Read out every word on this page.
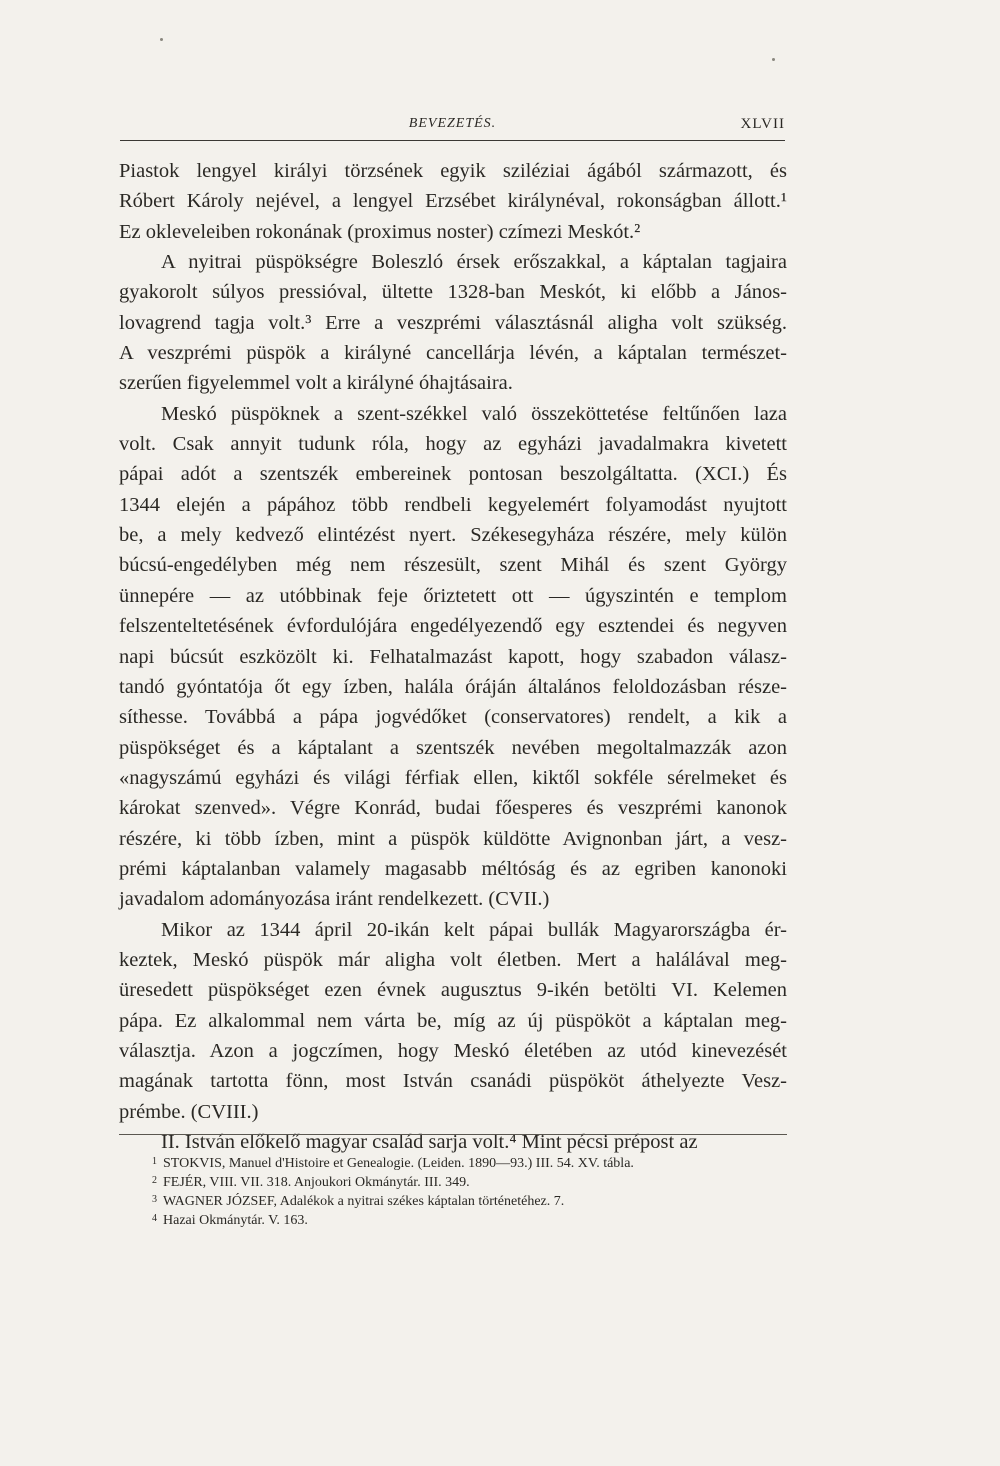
BEVEZETÉS.	XLVII
Piastok lengyel királyi törzsének egyik sziléziai ágából származott, és
Róbert Károly nejével, a lengyel Erzsébet királynéval, rokonságban állott.¹
Ez okleveleiben rokonának (proximus noster) czímezi Meskót.²
A nyitrai püspökségre Boleszló érsek erőszakkal, a káptalan tagjaira
gyakorolt súlyos pressióval, ültette 1328-ban Meskót, ki előbb a János-
lovagrend tagja volt.³ Erre a veszprémi választásnál aligha volt szükség.
A veszprémi püspök a királyné cancellárja lévén, a káptalan természet-
szerűen figyelemmel volt a királyné óhajtásaira.
Meskó püspöknek a szent-székkel való összeköttetése feltűnően laza
volt. Csak annyit tudunk róla, hogy az egyházi javadalmakra kivetett
pápai adót a szentszék embereinek pontosan beszolgáltatta. (XCI.) És
1344 elején a pápához több rendbeli kegyelemért folyamodást nyujtott
be, a mely kedvező elintézést nyert. Székesegyháza részére, mely külön
búcsú-engedélyben még nem részesült, szent Mihál és szent György
ünnepére — az utóbbinak feje őriztetett ott — úgyszintén e templom
felszenteltetésének évfordulójára engedélyezendő egy esztendei és negyven
napi búcsút eszközölt ki. Felhatalmazást kapott, hogy szabadon válasz-
tandó gyóntatója őt egy ízben, halála óráján általános feloldozásban része-
síthesse. Továbbá a pápa jogvédőket (conservatores) rendelt, a kik a
püspökséget és a káptalant a szentszék nevében megoltalmazzák azon
«nagyszámú egyházi és világi férfiak ellen, kiktől sokféle sérelmeket és
károkat szenved». Végre Konrád, budai főesperes és veszprémi kanonok
részére, ki több ízben, mint a püspök küldötte Avignonban járt, a vesz-
prémi káptalanban valamely magasabb méltóság és az egriben kanonoki
javadalom adományozása iránt rendelkezett. (CVII.)
Mikor az 1344 ápril 20-ikán kelt pápai bullák Magyarországba ér-
keztek, Meskó püspök már aligha volt életben. Mert a halálával meg-
üresedett püspökséget ezen évnek augusztus 9-ikén betölti VI. Kelemen
pápa. Ez alkalommal nem várta be, míg az új püspököt a káptalan meg-
választja. Azon a jogczímen, hogy Meskó életében az utód kinevezését
magának tartotta fönn, most István csanádi püspököt áthelyezte Vesz-
prémbe. (CVIII.)
II. István előkelő magyar család sarja volt.⁴ Mint pécsi prépost az
$^1$ STOKVIS, Manuel d'Histoire et Genealogie. (Leiden. 1890—93.) III. 54. XV. tábla.
$^2$ FEJÉR, VIII. VII. 318. Anjoukori Okmánytár. III. 349.
$^3$ WAGNER JÓZSEF, Adalékok a nyitrai székes káptalan történetéhez. 7.
$^4$ Hazai Okmánytár. V. 163.
